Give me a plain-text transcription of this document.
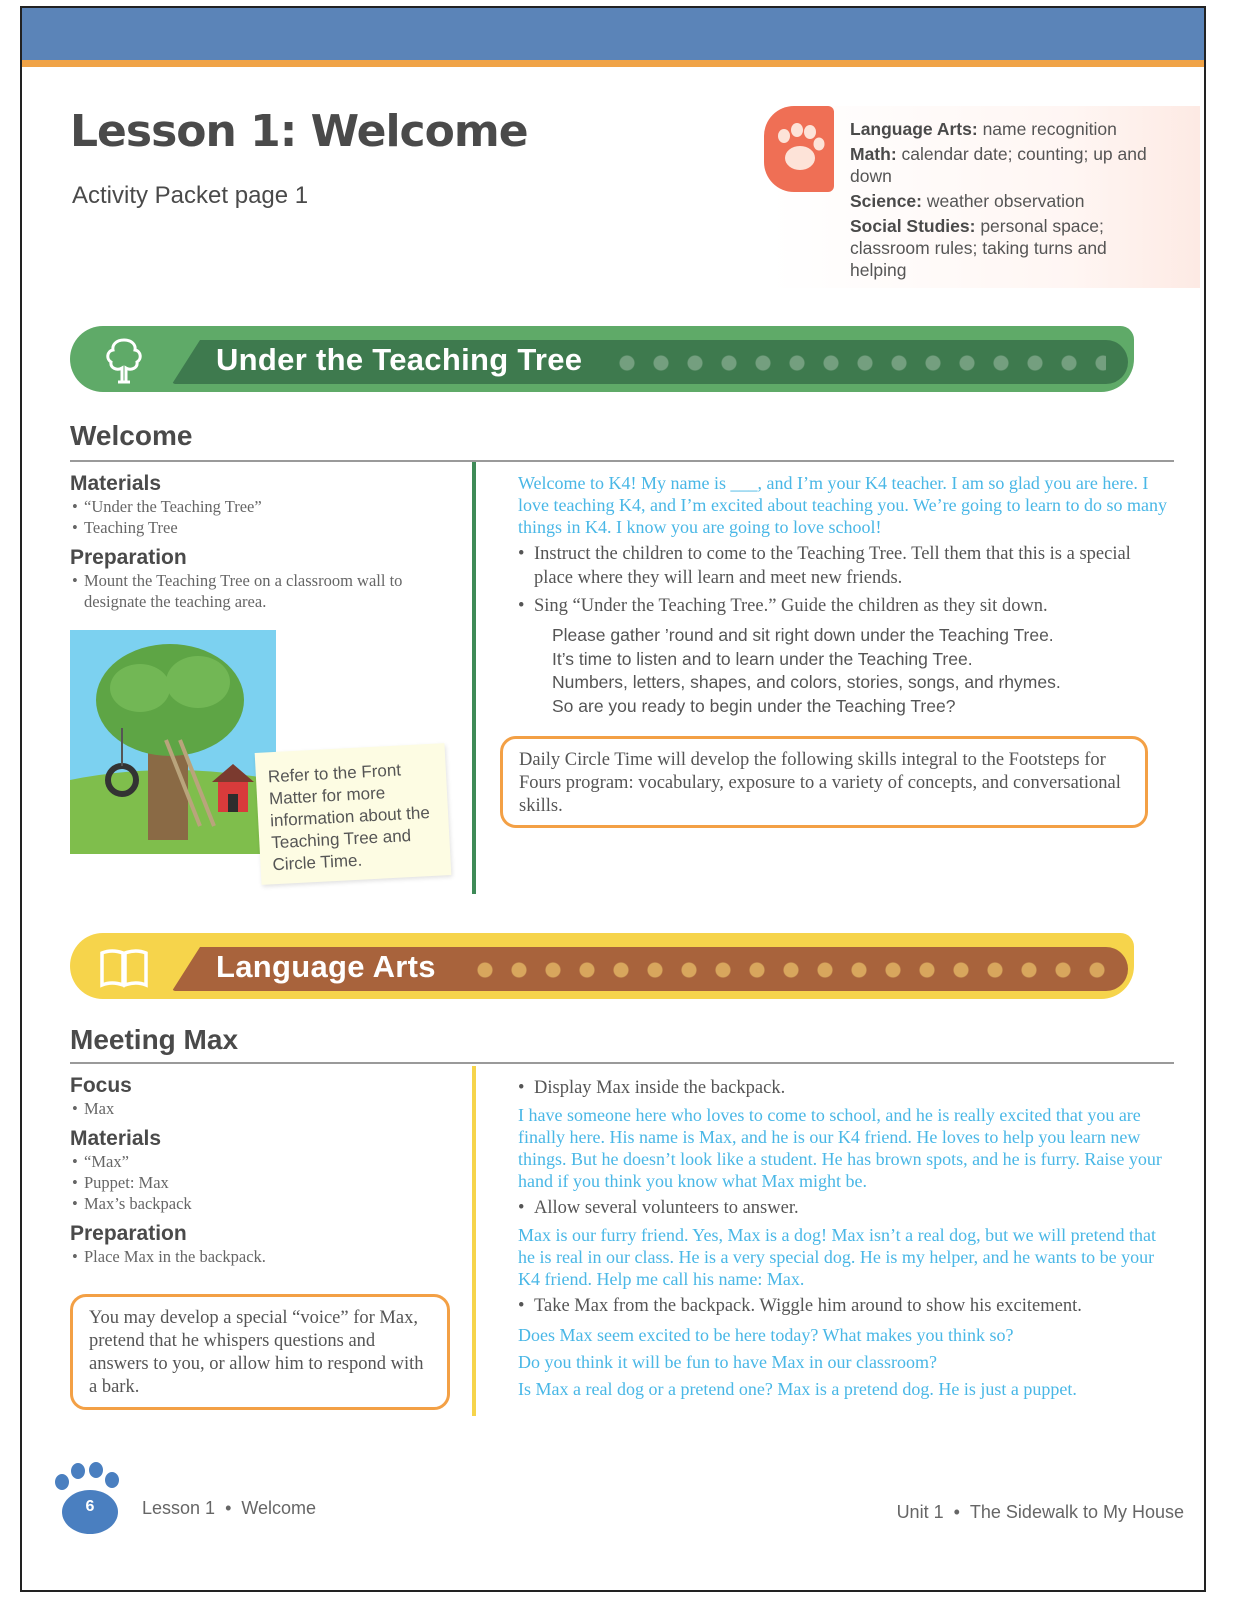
Lesson 1: Welcome
Activity Packet page 1

Language Arts: name recognition

Math: calendar date; counting; up and down

Science: weather observation

Social Studies: personal space; classroom rules; taking turns and helping

Under the Teaching Tree
Welcome
Materials
• “Under the Teaching Tree”
• Teaching Tree
Preparation
• Mount the Teaching Tree on a classroom wall to designate the teaching area.
Refer to the Front Matter for more information about the Teaching Tree and Circle Time.
Welcome to K4! My name is ___, and I’m your K4 teacher. I am so glad you are here. I love teaching K4, and I’m excited about teaching you. We’re going to learn to do so many things in K4. I know you are going to love school!
• Instruct the children to come to the Teaching Tree. Tell them that this is a special place where they will learn and meet new friends.
• Sing “Under the Teaching Tree.” Guide the children as they sit down.
Please gather ’round and sit right down under the Teaching Tree.
It’s time to listen and to learn under the Teaching Tree.
Numbers, letters, shapes, and colors, stories, songs, and rhymes.
So are you ready to begin under the Teaching Tree?
Daily Circle Time will develop the following skills integral to the Footsteps for Fours program: vocabulary, exposure to a variety of concepts, and conversational skills.
Language Arts
Meeting Max
Focus
• Max
Materials
• “Max”
• Puppet: Max
• Max’s backpack
Preparation
• Place Max in the backpack.
You may develop a special “voice” for Max, pretend that he whispers questions and answers to you, or allow him to respond with a bark.
• Display Max inside the backpack.
I have someone here who loves to come to school, and he is really excited that you are finally here. His name is Max, and he is our K4 friend. He loves to help you learn new things. But he doesn’t look like a student. He has brown spots, and he is furry. Raise your hand if you think you know what Max might be.
• Allow several volunteers to answer.
Max is our furry friend. Yes, Max is a dog! Max isn’t a real dog, but we will pretend that he is real in our class. He is a very special dog. He is my helper, and he wants to be your K4 friend. Help me call his name: Max.
• Take Max from the backpack. Wiggle him around to show his excitement.
Does Max seem excited to be here today? What makes you think so?
Do you think it will be fun to have Max in our classroom?
Is Max a real dog or a pretend one? Max is a pretend dog. He is just a puppet.
6	Lesson 1 • Welcome	Unit 1 • The Sidewalk to My House
